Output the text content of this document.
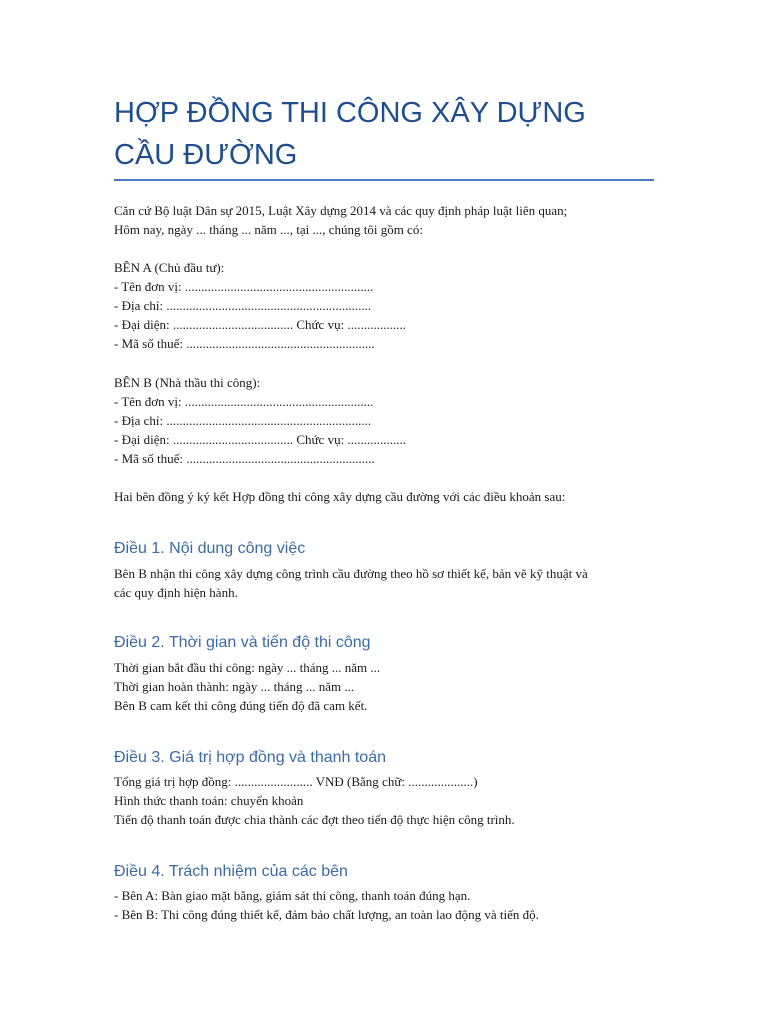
HỢP ĐỒNG THI CÔNG XÂY DỰNG CẦU ĐƯỜNG

Căn cứ Bộ luật Dân sự 2015, Luật Xây dựng 2014 và các quy định pháp luật liên quan;

Hôm nay, ngày ... tháng ... năm ..., tại ..., chúng tôi gồm có:

BÊN A (Chủ đầu tư):

- Tên đơn vị: ..........................................................

- Địa chỉ: ...............................................................

- Đại diện: ..................................... Chức vụ: ..................

- Mã số thuế: ..........................................................

BÊN B (Nhà thầu thi công):

- Tên đơn vị: ..........................................................

- Địa chỉ: ...............................................................

- Đại diện: ..................................... Chức vụ: ..................

- Mã số thuế: ..........................................................

Hai bên đồng ý ký kết Hợp đồng thi công xây dựng cầu đường với các điều khoản sau:

Điều 1. Nội dung công việc

Bên B nhận thi công xây dựng công trình cầu đường theo hồ sơ thiết kế, bản vẽ kỹ thuật và

các quy định hiện hành.

Điều 2. Thời gian và tiến độ thi công

Thời gian bắt đầu thi công: ngày ... tháng ... năm ...

Thời gian hoàn thành: ngày ... tháng ... năm ...

Bên B cam kết thi công đúng tiến độ đã cam kết.

Điều 3. Giá trị hợp đồng và thanh toán

Tổng giá trị hợp đồng: ........................ VNĐ (Bằng chữ: ....................)

Hình thức thanh toán: chuyển khoản

Tiến độ thanh toán được chia thành các đợt theo tiến độ thực hiện công trình.

Điều 4. Trách nhiệm của các bên

- Bên A: Bàn giao mặt bằng, giám sát thi công, thanh toán đúng hạn.

- Bên B: Thi công đúng thiết kế, đảm bảo chất lượng, an toàn lao động và tiến độ.
